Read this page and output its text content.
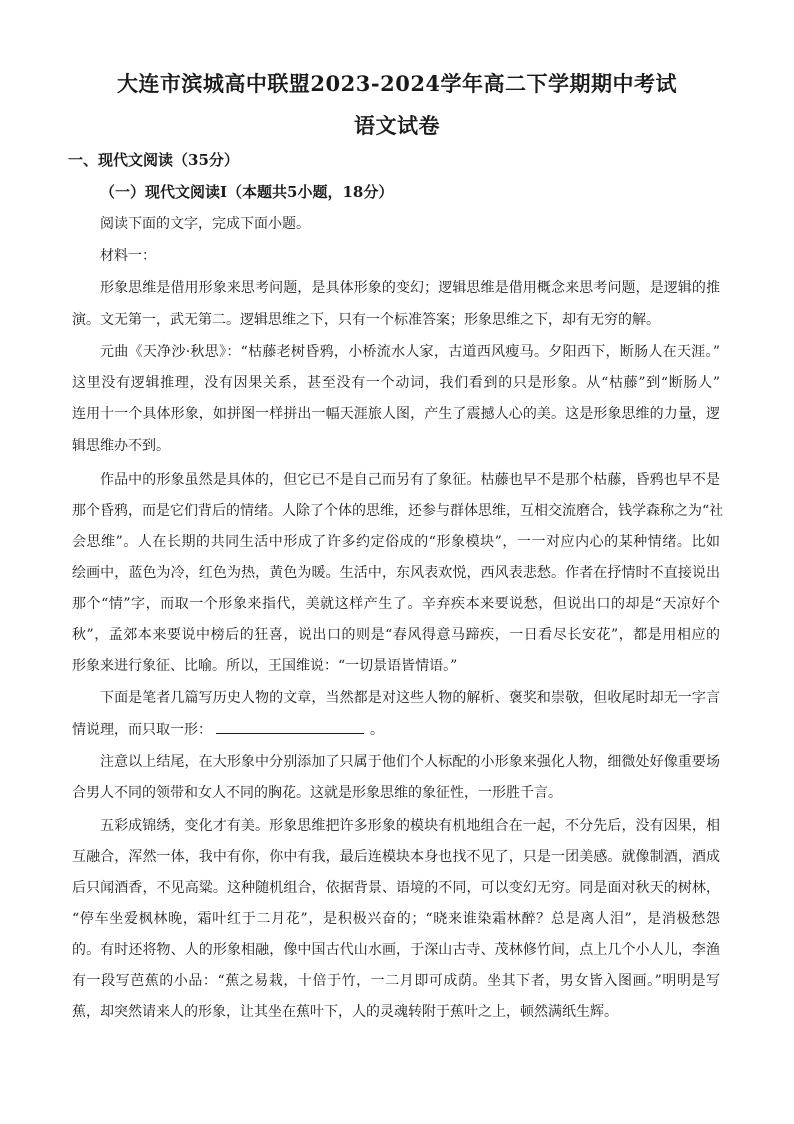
大连市滨城高中联盟2023-2024学年高二下学期期中考试
语文试卷
一、现代文阅读（35分）
（一）现代文阅读Ⅰ（本题共5小题，18分）
阅读下面的文字，完成下面小题。
材料一：
形象思维是借用形象来思考问题，是具体形象的变幻；逻辑思维是借用概念来思考问题，是逻辑的推
演。文无第一，武无第二。逻辑思维之下，只有一个标准答案；形象思维之下，却有无穷的解。
元曲《天净沙·秋思》：“枯藤老树昏鸦，小桥流水人家，古道西风瘦马。夕阳西下，断肠人在天涯。”
这里没有逻辑推理，没有因果关系，甚至没有一个动词，我们看到的只是形象。从“枯藤”到“断肠人”
连用十一个具体形象，如拼图一样拼出一幅天涯旅人图，产生了震撼人心的美。这是形象思维的力量，逻
辑思维办不到。
作品中的形象虽然是具体的，但它已不是自己而另有了象征。枯藤也早不是那个枯藤，昏鸦也早不是
那个昏鸦，而是它们背后的情绪。人除了个体的思维，还参与群体思维，互相交流磨合，钱学森称之为“社
会思维”。人在长期的共同生活中形成了许多约定俗成的“形象模块”，一一对应内心的某种情绪。比如
绘画中，蓝色为冷，红色为热，黄色为暖。生活中，东风表欢悦，西风表悲愁。作者在抒情时不直接说出
那个“情”字，而取一个形象来指代，美就这样产生了。辛弃疾本来要说愁，但说出口的却是“天凉好个
秋”，孟郊本来要说中榜后的狂喜，说出口的则是“春风得意马蹄疾，一日看尽长安花”，都是用相应的
形象来进行象征、比喻。所以，王国维说：“一切景语皆情语。”
下面是笔者几篇写历史人物的文章，当然都是对这些人物的解析、褒奖和崇敬，但收尾时却无一字言
情说理，而只取一形：	。
注意以上结尾，在大形象中分别添加了只属于他们个人标配的小形象来强化人物，细微处好像重要场
合男人不同的领带和女人不同的胸花。这就是形象思维的象征性，一形胜千言。
五彩成锦绣，变化才有美。形象思维把许多形象的模块有机地组合在一起，不分先后，没有因果，相
互融合，浑然一体，我中有你，你中有我，最后连模块本身也找不见了，只是一团美感。就像制酒，酒成
后只闻酒香，不见高粱。这种随机组合，依据背景、语境的不同，可以变幻无穷。同是面对秋天的树林，
“停车坐爱枫林晚，霜叶红于二月花”，是积极兴奋的；“晓来谁染霜林醉？总是离人泪”，是消极愁怨
的。有时还将物、人的形象相融，像中国古代山水画，于深山古寺、茂林修竹间，点上几个小人儿，李渔
有一段写芭蕉的小品：“蕉之易栽，十倍于竹，一二月即可成荫。坐其下者，男女皆入图画。”明明是写
蕉，却突然请来人的形象，让其坐在蕉叶下，人的灵魂转附于蕉叶之上，顿然满纸生辉。
